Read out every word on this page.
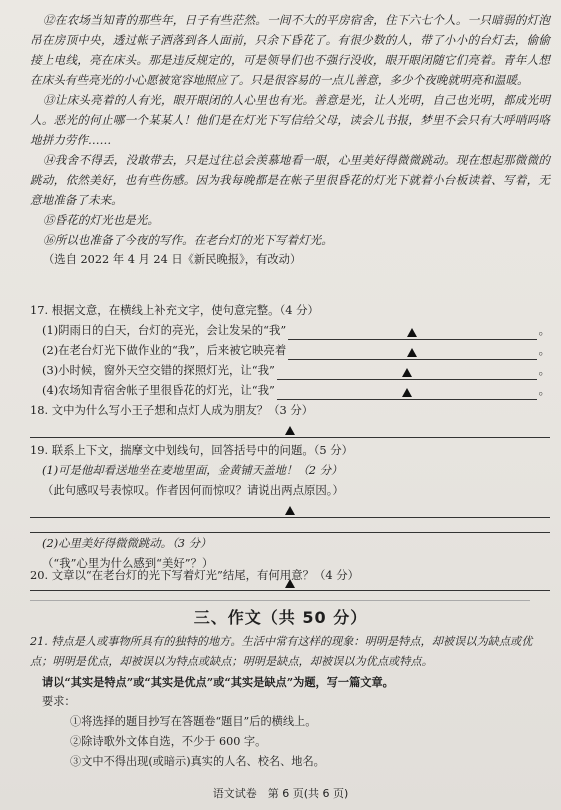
⑫在农场当知青的那些年，日子有些茫然。一间不大的平房宿舍，住下六七个人。一只暗弱的灯泡吊在房顶中央，透过帐子洒落到各人面前，只余下昏花了。有很少数的人，带了小小的台灯去，偷偷接上电线，亮在床头。那是违反规定的，可是领导们也不强行没收，眼开眼闭随它们亮着。青年人想在床头有些亮光的小心愿被宽容地照应了。只是很容易的一点儿善意，多少个夜晚就明亮和温暖。

⑬让床头亮着的人有光，眼开眼闭的人心里也有光。善意是光，让人光明，自己也光明，都成光明人。恶光的何止哪一个某某人！他们是在灯光下写信给父母，读会儿书报，梦里不会只有大呼哨吗咯地拼力劳作……

⑭我舍不得丢，没敢带去，只是过往总会羡慕地看一眼，心里美好得微微跳动。现在想起那微微的跳动，依然美好，也有些伤感。因为我每晚都是在帐子里很昏花的灯光下就着小台板读着、写着，无意地准备了未来。

⑮昏花的灯光也是光。

⑯所以也准备了今夜的写作。在老台灯的光下写着灯光。

（选自 2022 年 4 月 24 日《新民晚报》，有改动）

17. 根据文意，在横线上补充文字，使句意完整。（4 分）

(1)阴雨日的白天，台灯的亮光，会让发呆的“我”	。
(2)在老台灯光下做作业的“我”，后来被它映亮着	。
(3)小时候，窗外天空交错的探照灯光，让“我”	。
(4)农场知青宿舍帐子里很昏花的灯光，让“我”	。

18. 文中为什么写小王子想和点灯人成为朋友？（3 分）

19. 联系上下文，揣摩文中划线句，回答括号中的问题。（5 分）

(1)可是他却看送地坐在麦地里面，金黄铺天盖地！（2 分）

（此句感叹号表惊叹。作者因何而惊叹？请说出两点原因。）

(2)心里美好得微微跳动。（3 分）

（“我”心里为什么感到“美好”？）

20. 文章以“在老台灯的光下写着灯光”结尾，有何用意？（4 分）

三、作文（共 50 分）

21. 特点是人或事物所具有的独特的地方。生活中常有这样的现象：明明是特点，却被误以为缺点或优点；明明是优点，却被误以为特点或缺点；明明是缺点，却被误以为优点或特点。

请以“其实是特点”或“其实是优点”或“其实是缺点”为题，写一篇文章。

要求：

①将选择的题目抄写在答题卷“题目”后的横线上。

②除诗歌外文体自选，不少于 600 字。

③文中不得出现(或暗示)真实的人名、校名、地名。

语文试卷　第 6 页(共 6 页)
